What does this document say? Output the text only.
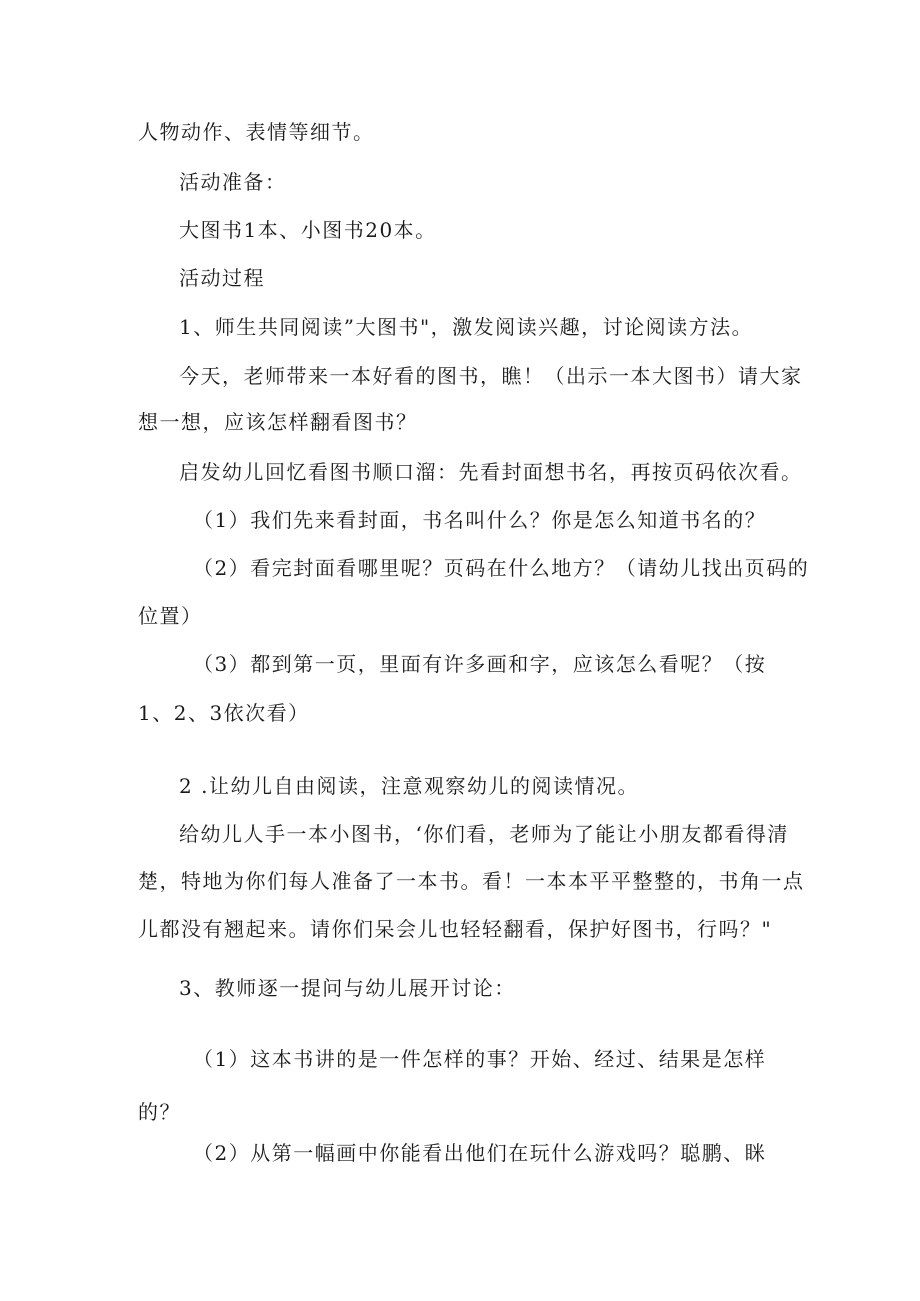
人物动作、表情等细节。
活动准备：
大图书1本、小图书20本。
活动过程
1、师生共同阅读”大图书"，激发阅读兴趣，讨论阅读方法。
今天，老师带来一本好看的图书，瞧！（出示一本大图书）请大家
想一想，应该怎样翻看图书？
启发幼儿回忆看图书顺口溜：先看封面想书名，再按页码依次看。
（1）我们先来看封面，书名叫什么？你是怎么知道书名的？
（2）看完封面看哪里呢？页码在什么地方？（请幼儿找出页码的
位置）
（3）都到第一页，里面有许多画和字，应该怎么看呢？（按
1、2、3依次看）
2 .让幼儿自由阅读，注意观察幼儿的阅读情况。
给幼儿人手一本小图书，‘你们看，老师为了能让小朋友都看得清
楚，特地为你们每人准备了一本书。看！一本本平平整整的，书角一点
儿都没有翘起来。请你们呆会儿也轻轻翻看，保护好图书，行吗？"
3、教师逐一提问与幼儿展开讨论：
（1）这本书讲的是一件怎样的事？开始、经过、结果是怎样
的？
（2）从第一幅画中你能看出他们在玩什么游戏吗？聪鹏、眯
